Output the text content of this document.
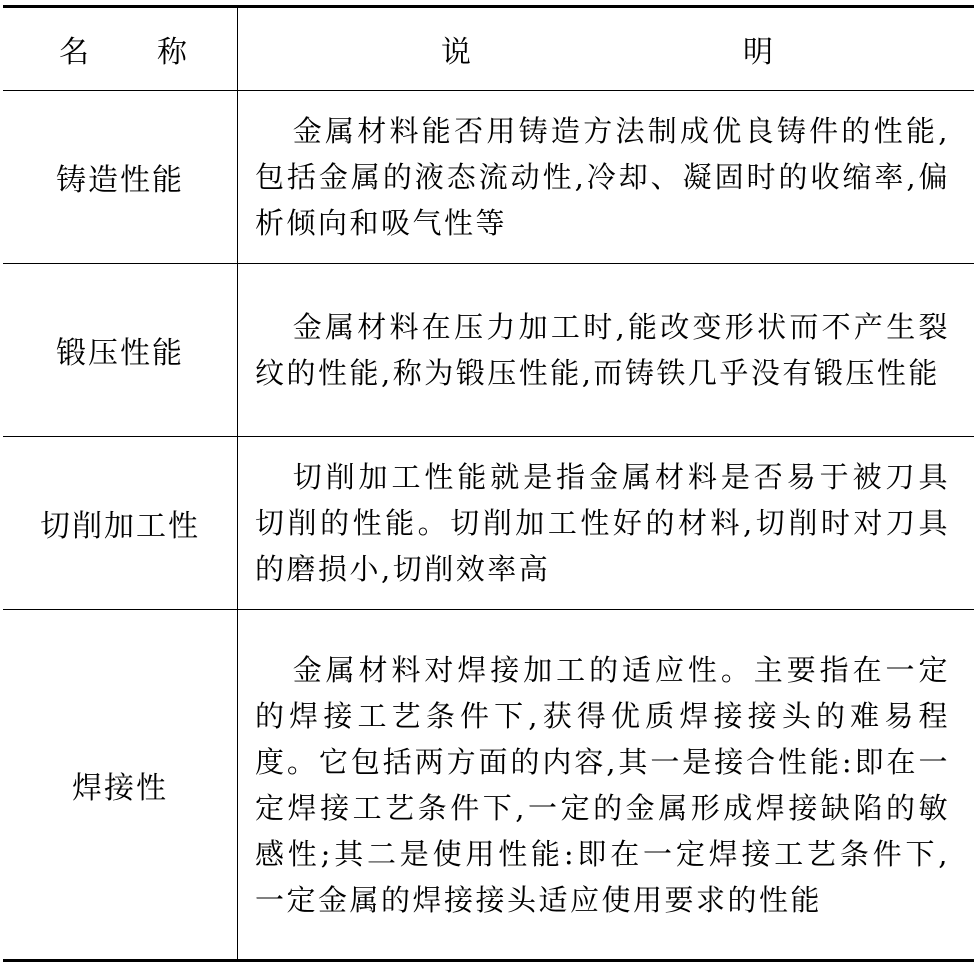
名 称	说	明
铸造性能
金属材料能否用铸造方法制成优良铸件的性能,包括金属的液态流动性,冷却、凝固时的收缩率,偏析倾向和吸气性等
锻压性能
金属材料在压力加工时,能改变形状而不产生裂纹的性能,称为锻压性能,而铸铁几乎没有锻压性能
切削加工性
切削加工性能就是指金属材料是否易于被刀具切削的性能。切削加工性好的材料,切削时对刀具的磨损小,切削效率高
焊接性
金属材料对焊接加工的适应性。主要指在一定的焊接工艺条件下,获得优质焊接接头的难易程度。它包括两方面的内容,其一是接合性能:即在一定焊接工艺条件下,一定的金属形成焊接缺陷的敏感性;其二是使用性能:即在一定焊接工艺条件下,一定金属的焊接接头适应使用要求的性能
